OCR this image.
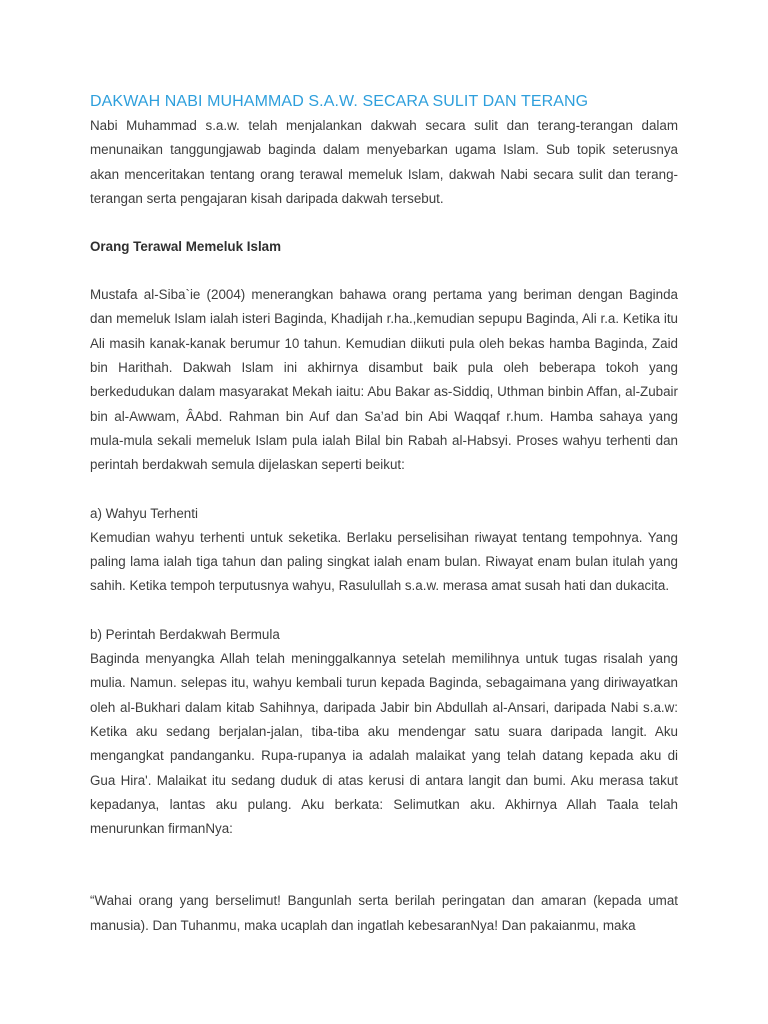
DAKWAH NABI MUHAMMAD S.A.W. SECARA SULIT DAN TERANG

Nabi Muhammad s.a.w. telah menjalankan dakwah secara sulit dan terang-terangan dalam menunaikan tanggungjawab baginda dalam menyebarkan ugama Islam. Sub topik seterusnya akan menceritakan tentang orang terawal memeluk Islam, dakwah Nabi secara sulit dan terang-terangan serta pengajaran kisah daripada dakwah tersebut.

Orang Terawal Memeluk Islam

Mustafa al-Siba`ie (2004) menerangkan bahawa orang pertama yang beriman dengan Baginda dan memeluk Islam ialah isteri Baginda, Khadijah r.ha.,kemudian sepupu Baginda, Ali r.a. Ketika itu Ali masih kanak-kanak berumur 10 tahun. Kemudian diikuti pula oleh bekas hamba Baginda, Zaid bin Harithah. Dakwah Islam ini akhirnya disambut baik pula oleh beberapa tokoh yang berkedudukan dalam masyarakat Mekah iaitu: Abu Bakar as-Siddiq, Uthman binbin Affan, al-Zubair bin al-Awwam, ÂAbd. Rahman bin Auf dan Sa’ad bin Abi Waqqaf r.hum. Hamba sahaya yang mula-mula sekali memeluk Islam pula ialah Bilal bin Rabah al-Habsyi. Proses wahyu terhenti dan perintah berdakwah semula dijelaskan seperti beikut:

a) Wahyu Terhenti

Kemudian wahyu terhenti untuk seketika. Berlaku perselisihan riwayat tentang tempohnya. Yang paling lama ialah tiga tahun dan paling singkat ialah enam bulan. Riwayat enam bulan itulah yang sahih. Ketika tempoh terputusnya wahyu, Rasulullah s.a.w. merasa amat susah hati dan dukacita.

b) Perintah Berdakwah Bermula

Baginda menyangka Allah telah meninggalkannya setelah memilihnya untuk tugas risalah yang mulia. Namun. selepas itu, wahyu kembali turun kepada Baginda, sebagaimana yang diriwayatkan oleh al-Bukhari dalam kitab Sahihnya, daripada Jabir bin Abdullah al-Ansari, daripada Nabi s.a.w: Ketika aku sedang berjalan-jalan, tiba-tiba aku mendengar satu suara daripada langit. Aku mengangkat pandanganku. Rupa-rupanya ia adalah malaikat yang telah datang kepada aku di Gua Hira'. Malaikat itu sedang duduk di atas kerusi di antara langit dan bumi. Aku merasa takut kepadanya, lantas aku pulang. Aku berkata: Selimutkan aku. Akhirnya Allah Taala telah menurunkan firmanNya:

“Wahai orang yang berselimut! Bangunlah serta berilah peringatan dan amaran (kepada umat manusia). Dan Tuhanmu, maka ucaplah dan ingatlah kebesaranNya! Dan pakaianmu, maka
